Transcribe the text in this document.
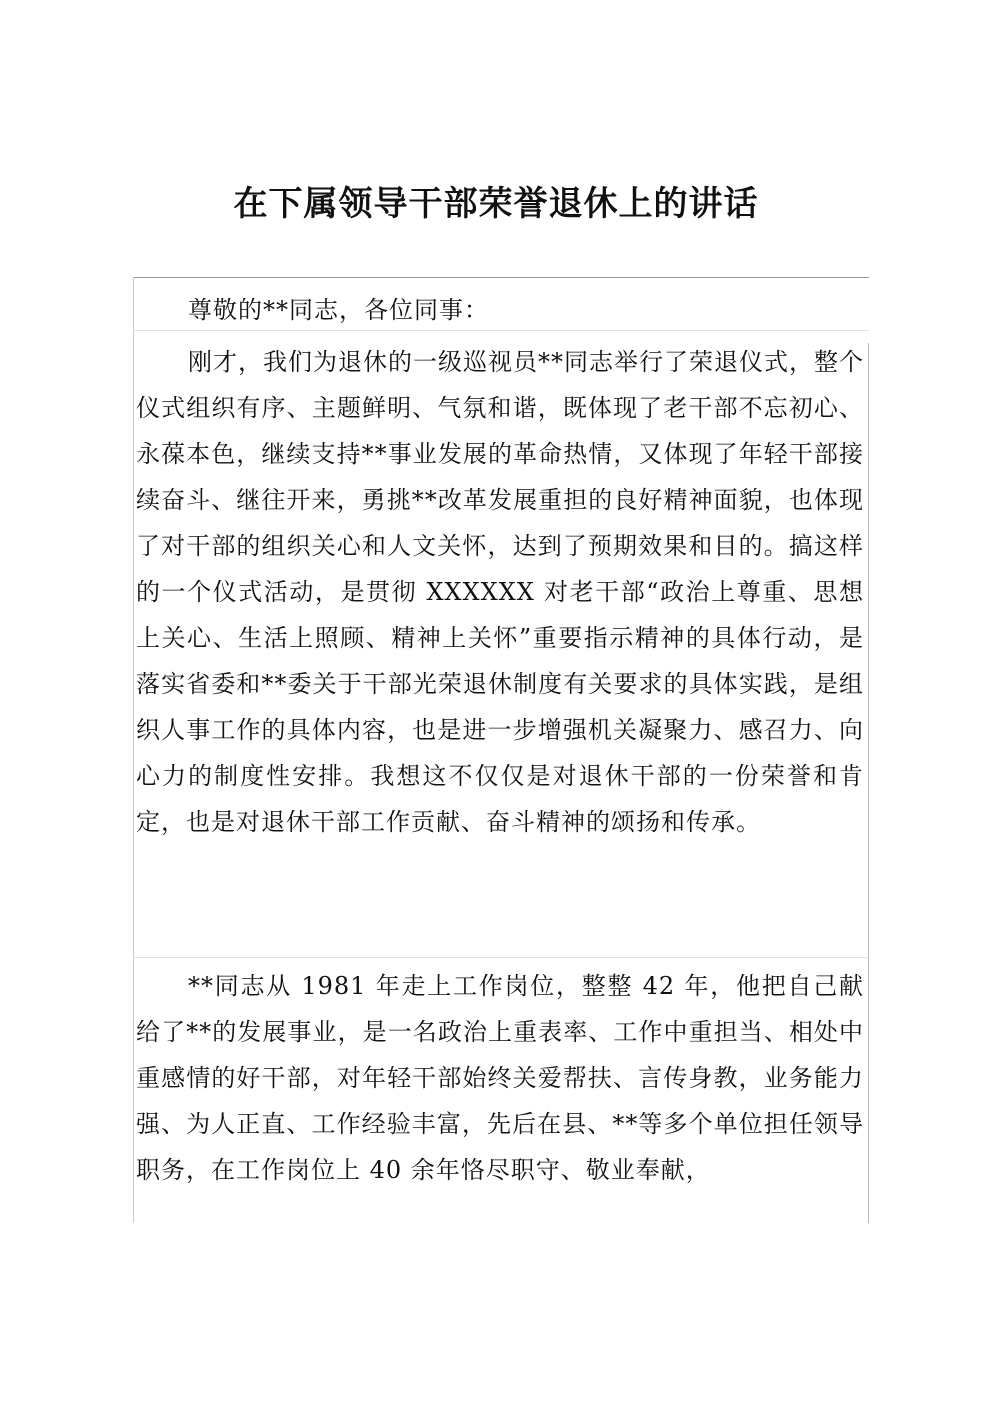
在下属领导干部荣誉退休上的讲话

尊敬的**同志，各位同事：

刚才，我们为退休的一级巡视员**同志举行了荣退仪式，整个仪式组织有序、主题鲜明、气氛和谐，既体现了老干部不忘初心、永葆本色，继续支持**事业发展的革命热情，又体现了年轻干部接续奋斗、继往开来，勇挑**改革发展重担的良好精神面貌，也体现了对干部的组织关心和人文关怀，达到了预期效果和目的。搞这样的一个仪式活动，是贯彻 XXXXXX 对老干部“政治上尊重、思想上关心、生活上照顾、精神上关怀”重要指示精神的具体行动，是落实省委和**委关于干部光荣退休制度有关要求的具体实践，是组织人事工作的具体内容，也是进一步增强机关凝聚力、感召力、向心力的制度性安排。我想这不仅仅是对退休干部的一份荣誉和肯定，也是对退休干部工作贡献、奋斗精神的颂扬和传承。

**同志从 1981 年走上工作岗位，整整 42 年，他把自己献给了**的发展事业，是一名政治上重表率、工作中重担当、相处中重感情的好干部，对年轻干部始终关爱帮扶、言传身教，业务能力强、为人正直、工作经验丰富，先后在县、**等多个单位担任领导职务，在工作岗位上 40 余年恪尽职守、敬业奉献，
